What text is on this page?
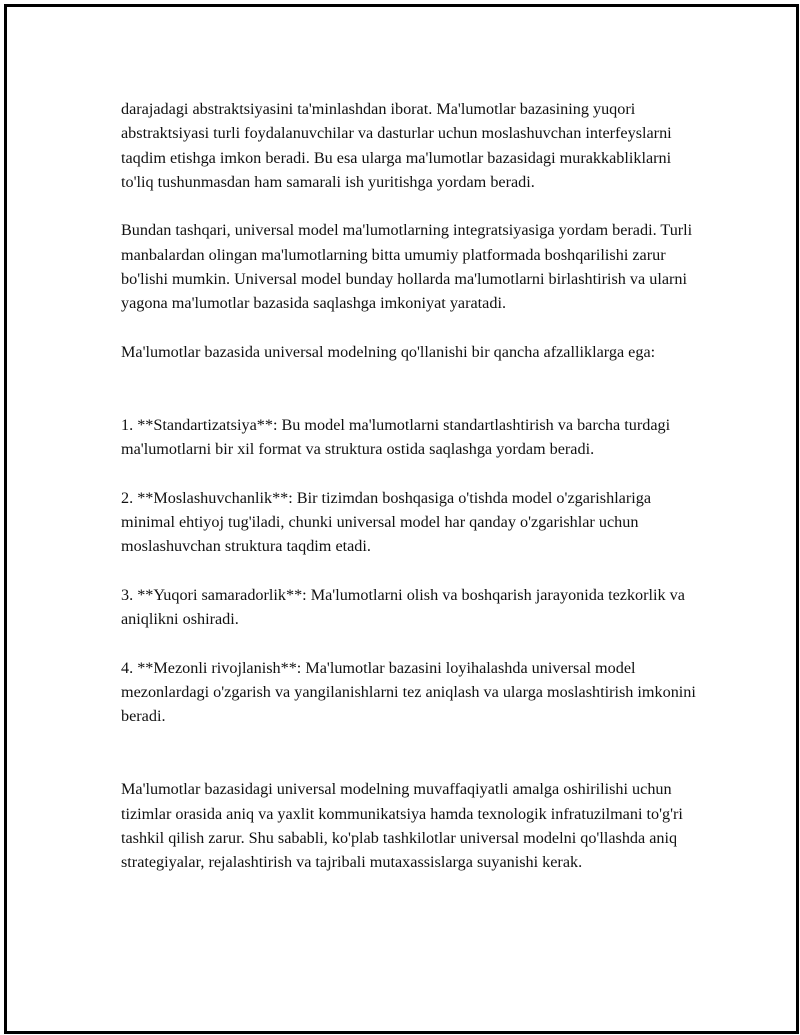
darajadagi abstraktsiyasini ta'minlashdan iborat. Ma'lumotlar bazasining yuqori abstraktsiyasi turli foydalanuvchilar va dasturlar uchun moslashuvchan interfeyslarni taqdim etishga imkon beradi. Bu esa ularga ma'lumotlar bazasidagi murakkabliklarni to'liq tushunmasdan ham samarali ish yuritishga yordam beradi.

Bundan tashqari, universal model ma'lumotlarning integratsiyasiga yordam beradi. Turli manbalardan olingan ma'lumotlarning bitta umumiy platformada boshqarilishi zarur bo'lishi mumkin. Universal model bunday hollarda ma'lumotlarni birlashtirish va ularni yagona ma'lumotlar bazasida saqlashga imkoniyat yaratadi.

Ma'lumotlar bazasida universal modelning qo'llanishi bir qancha afzalliklarga ega:

1. **Standartizatsiya**: Bu model ma'lumotlarni standartlashtirish va barcha turdagi ma'lumotlarni bir xil format va struktura ostida saqlashga yordam beradi.

2. **Moslashuvchanlik**: Bir tizimdan boshqasiga o'tishda model o'zgarishlariga minimal ehtiyoj tug'iladi, chunki universal model har qanday o'zgarishlar uchun moslashuvchan struktura taqdim etadi.

3. **Yuqori samaradorlik**: Ma'lumotlarni olish va boshqarish jarayonida tezkorlik va aniqlikni oshiradi.

4. **Mezonli rivojlanish**: Ma'lumotlar bazasini loyihalashda universal model mezonlardagi o'zgarish va yangilanishlarni tez aniqlash va ularga moslashtirish imkonini beradi.

Ma'lumotlar bazasidagi universal modelning muvaffaqiyatli amalga oshirilishi uchun tizimlar orasida aniq va yaxlit kommunikatsiya hamda texnologik infratuzilmani to'g'ri tashkil qilish zarur. Shu sababli, ko'plab tashkilotlar universal modelni qo'llashda aniq strategiyalar, rejalashtirish va tajribali mutaxassislarga suyanishi kerak.
